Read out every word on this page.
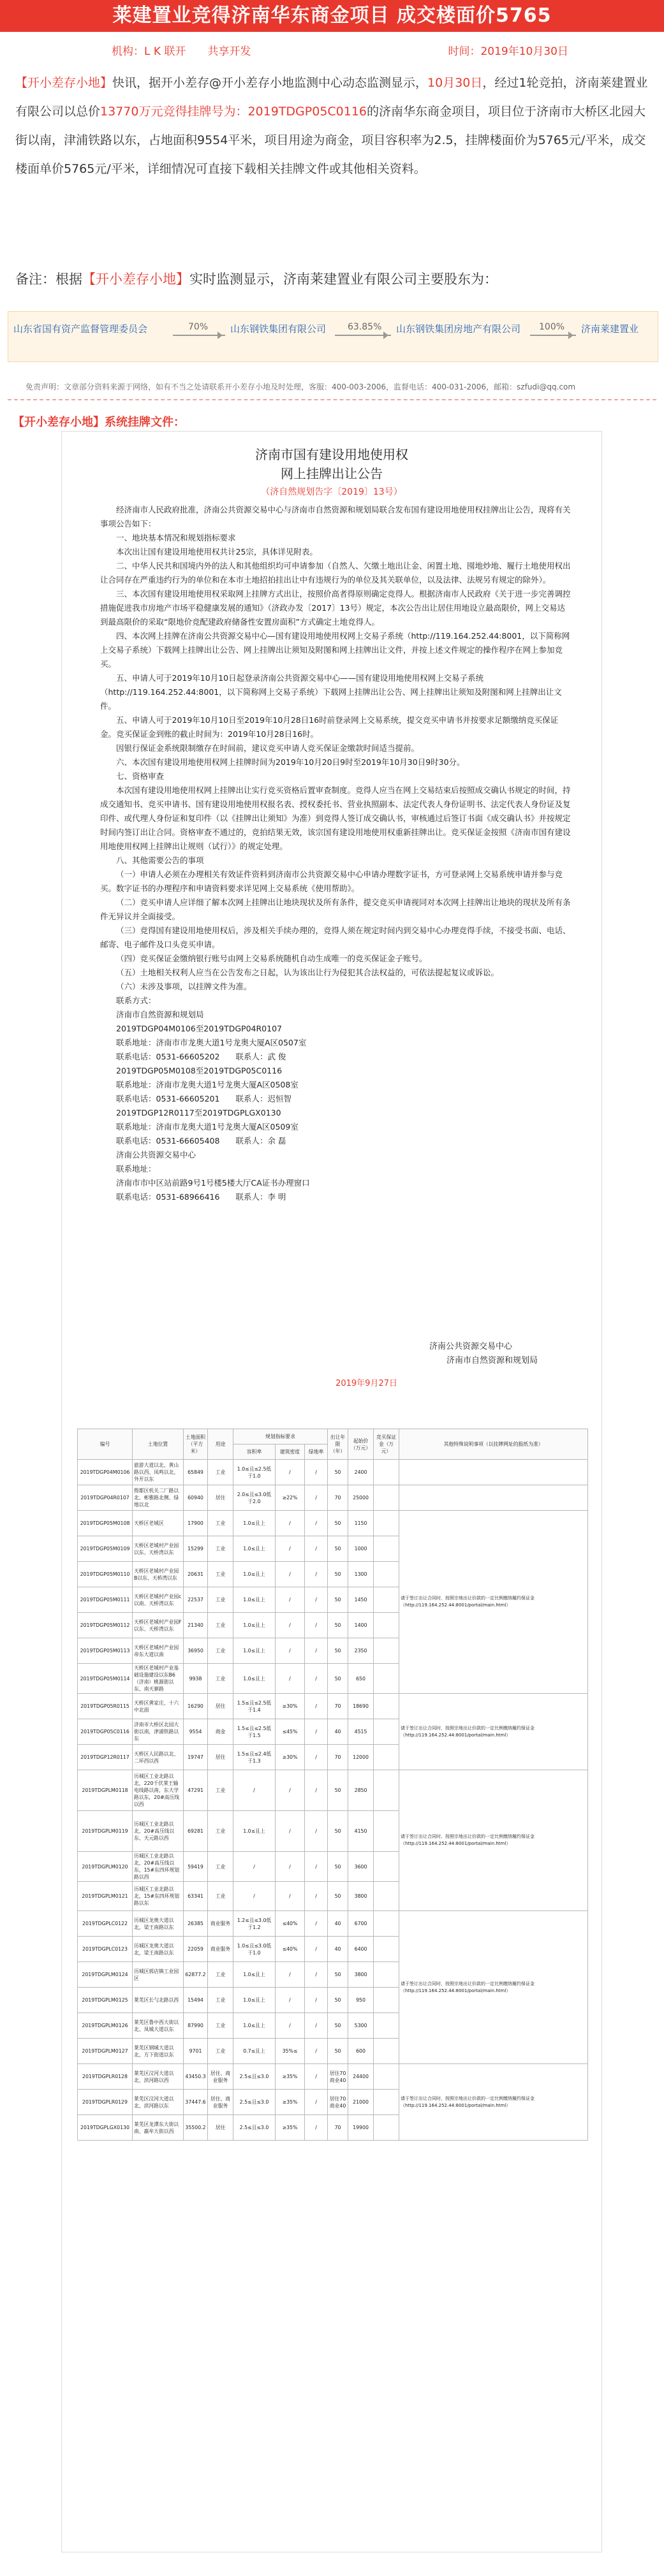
莱建置业竞得济南华东商金项目 成交楼面价5765
机构：L K 联开　　共享开发	时间：2019年10月30日
【开小差存小地】快讯，据开小差存@开小差存小地监测中心动态监测显示，10月30日，经过1轮竞拍，济南莱建置业有限公司以总价13770万元竞得挂牌号为：2019TDGP05C0116的济南华东商金项目，项目位于济南市大桥区北园大街以南，津浦铁路以东，占地面积9554平米，项目用途为商金，项目容积率为2.5，挂牌楼面价为5765元/平米，成交楼面单价5765元/平米，详细情况可直接下载相关挂牌文件或其他相关资料。
备注：根据【开小差存小地】实时监测显示，济南莱建置业有限公司主要股东为：
山东省国有资产监督管理委员会	70% 山东钢铁集团有限公司 63.85% 山东钢铁集团房地产有限公司 100% 济南莱建置业
免责声明：文章部分资料来源于网络，如有不当之处请联系开小差存小地及时处理，客服：400-003-2006，监督电话：400-031-2006，邮箱：szfudi@qq.com
【开小差存小地】系统挂牌文件：
济南市国有建设用地使用权
网上挂牌出让公告
（济自然规划告字〔2019〕13号）

经济南市人民政府批准，济南公共资源交易中心与济南市自然资源和规划局联合发布国有建设用地使用权挂牌出让公告，现将有关事项公告如下：

一、地块基本情况和规划指标要求

本次出让国有建设用地使用权共计25宗，具体详见附表。

二、中华人民共和国境内外的法人和其他组织均可申请参加（自然人、欠缴土地出让金、闲置土地、囤地炒地、履行土地使用权出让合同存在严重违约行为的单位和在本市土地招拍挂出让中有违规行为的单位及其关联单位，以及法律、法规另有规定的除外）。

三、本次国有建设用地使用权采取网上挂牌方式出让，按照价高者得原则确定竞得人。根据济南市人民政府《关于进一步完善调控措施促进我市房地产市场平稳健康发展的通知》（济政办发〔2017〕13号）规定，本次公告出让居住用地设立最高限价，网上交易达到最高限价的采取“限地价竞配建政府储备性安置房面积”方式确定土地竞得人。

四、本次网上挂牌在济南公共资源交易中心—国有建设用地使用权网上交易子系统（http://119.164.252.44:8001，以下简称网上交易子系统）下载网上挂牌出让公告、网上挂牌出让须知及附图和网上挂牌出让文件，并按上述文件规定的操作程序在网上参加竞买。

五、申请人可于2019年10月10日起登录济南公共资源交易中心——国有建设用地使用权网上交易子系统（http://119.164.252.44:8001，以下简称网上交易子系统）下载网上挂牌出让公告、网上挂牌出让须知及附图和网上挂牌出让文件。

五、申请人可于2019年10月10日至2019年10月28日16时前登录网上交易系统，提交竞买申请书并按要求足额缴纳竞买保证金。竞买保证金到账的截止时间为：2019年10月28日16时。

因银行保证金系统限制缴存在时间前，建议竞买申请人竞买保证金缴款时间适当提前。

六、本次国有建设用地使用权网上挂牌时间为2019年10月20日9时至2019年10月30日9时30分。

七、资格审查

本次国有建设用地使用权网上挂牌出让实行竞买资格后置审查制度。竞得人应当在网上交易结束后按照成交确认书规定的时间，持成交通知书、竞买申请书、国有建设用地使用权报名表、授权委托书、营业执照副本、法定代表人身份证明书、法定代表人身份证及复印件、或代理人身份证和复印件（以《挂牌出让须知》为准）到竞得人签订成交确认书，审核通过后签订书面《成交确认书》并按规定时间内签订出让合同。资格审查不通过的，竞拍结果无效，该宗国有建设用地使用权重新挂牌出让。竞买保证金按照《济南市国有建设用地使用权网上挂牌出让规则（试行）》的规定处理。

八、其他需要公告的事项

（一）申请人必须在办理相关有效证件资料到济南市公共资源交易中心申请办理数字证书，方可登录网上交易系统申请并参与竞买。数字证书的办理程序和申请资料要求详见网上交易系统《使用帮助》。

（二）竞买申请人应详细了解本次网上挂牌出让地块现状及所有条件，提交竞买申请视同对本次网上挂牌出让地块的现状及所有条件无异议并全面接受。

（三）竞得国有建设用地使用权后，涉及相关手续办理的，竞得人须在规定时间内到交易中心办理竞得手续，不接受书面、电话、邮寄、电子邮件及口头竞买申请。

（四）竞买保证金缴纳银行账号由网上交易系统随机自动生成唯一的竞买保证金子账号。

（五）土地相关权利人应当在公告发布之日起，认为该出让行为侵犯其合法权益的，可依法提起复议或诉讼。

（六）未涉及事项，以挂牌文件为准。

联系方式：

济南市自然资源和规划局

2019TDGP04M0106至2019TDGP04R0107

联系地址：济南市市龙奥大道1号龙奥大厦A区0507室

联系电话：0531-66605202　　联系人：武 俊

2019TDGP05M0108至2019TDGP05C0116

联系地址：济南市龙奥大道1号龙奥大厦A区0508室

联系电话：0531-66605201　　联系人：迟恒智

2019TDGP12R0117至2019TDGPLGX0130

联系地址：济南市龙奥大道1号龙奥大厦A区0509室

联系电话：0531-66605408　　联系人：余 磊

济南公共资源交易中心

联系地址：

济南市市中区站前路9号1号楼5楼大厅CA证书办理窗口

联系电话：0531-68966416　　联系人：李 明

济南公共资源交易中心
济南市自然资源和规划局
2019年9月27日
编号	土地位置	土地面积（平方米）	用途	规划指标要求			出让年限（年）	起始价（万元）	竞买保证金（万元）	其他特殊说明事项（以挂牌网址的报纸为准）
				容积率	建筑密度	绿地率				
2019TDGP04M0106	旅游大道以北、黄山路以西、凤鸣以北、外开以东	65849	工业	1.0≤且≤2.5低于1.0	/	/	50	2400		
2019TDGP04R0107	殷都区机关二厂路以北、彬雅路北侧、绿地以北	60940	居住	2.0≤且≤3.0低于2.0	≥22%	/	70	25000		
2019TDGP05M0108	天桥区老城区	17900	工业	1.0≤且上	/	/	50	1150		请于签订出让合同时，按照宗地出让价款的一定比例缴纳履约保证金（http://119.164.252.44:8001/portal/main.html）
2019TDGP05M0109	天桥区老城村产业园以东、天桥湾以东	15299	工业	1.0≤且上	/	/	50	1000		
2019TDGP05M0110	天桥区老城村产业园B以东、天桥湾以东	20631	工业	1.0≤且上	/	/	50	1300		
2019TDGP05M0111	天桥区老城村产业园c以南、天桥湾以东	22537	工业	1.0≤且上	/	/	50	1450		
2019TDGP05M0112	天桥区老城村产业园F以东、天桥湾以东	21340	工业	1.0≤且上	/	/	50	1400		
2019TDGP05M0113	天桥区老城村产业园帝东大道以南	36950	工业	1.0≤且上	/	/	50	2350		
2019TDGP05M0114	天桥区老城村产业基础设施建设以东B6（济南）桃源街以东、南天寨路	9938	工业	1.0≤且上	/	/	50	650		
2019TDGP05R0115	天桥区黄家庄，十六中北面	16290	居住	1.5≤且≤2.5低于1.4	≥30%	/	70	18690		请于签订出让合同时，按照宗地出让价款的一定比例缴纳履约保证金（http://119.164.252.44:8001/portal/main.html）
2019TDGP05C0116	济南市大桥区北园大街以南，津浦铁路以东	9554	商金	1.5≤且≤2.5低于1.5	≤45%	/	40	4515		
2019TDGP12R0117	天桥区人民路以北、二环西以西	19747	居住	1.5≤且≤2.4低于1.3	≥30%	/	70	12000		
2019TDGPLM0118	历城区工业北路以北，220千伏莱王输电线路以南，东大学路以东，20#高压线以西	47291	工业	/	/	/	50	2850		请于签订出让合同时，按照宗地出让价款的一定比例缴纳履约保证金（http://119.164.252.44:8001/portal/main.html）
2019TDGPLM0119	历城区工业北路以北、20#高压线以东、天元路以西	69281	工业	1.0≤且上	/	/	50	4150		
2019TDGPLM0120	历城区工业北路以北，20#高压线以东，15#东四环规划路以西	59419	工业	/	/	/	50	3600		
2019TDGPLM0121	历城区工业北路以北，15#东四环规划路以东	63341	工业	/	/	/	50	3800		
2019TDGPLC0122	历城区龙奥大道以北，梁王南路以东	26385	商业服务	1.2≤且≤3.0低于1.2	≤40%	/	40	6700		请于签订出让合同时，按照宗地出让价款的一定比例缴纳履约保证金（http://119.164.252.44:8001/portal/main.html）
2019TDGPLC0123	历城区龙奥大道以北，梁王南路以东	22059	商业服务	1.0≤且≤3.0低于1.0	≤40%	/	40	6400		
2019TDGPLM0124	历城区郭店镇工业园区	62877.2	工业	1.0≤且上	/	/	50	3800		
2019TDGPLM0125	莱芜区长勺北路以西	15494	工业	1.0≤且上	/	/	50	950		
2019TDGPLM0126	莱芜区鲁中西大街以北、凤城大道以东	87990	工业	1.0≤且上	/	/	50	5300		
2019TDGPLM0127	莱芜区钢城大道以北、方下街道以东	9701	工业	0.7≤且上	35%≤	/	50	600		
2019TDGPLR0128	莱芜区汶河大道以北、滨河路以西	43450.3	居住、商业服务	2.5≤且≤3.0	≥35%	/	居住70 商业40	24400		请于签订出让合同时，按照宗地出让价款的一定比例缴纳履约保证金（http://119.164.252.44:8001/portal/main.html）
2019TDGPLR0129	莱芜区汶河大道以北、滨河路以东	37447.6	居住、商业服务	2.5≤且≤3.0	≥35%	/	居住70 商业40	21000		
2019TDGPLGX0130	莱芜区龙潭东大街以南、嬴牟大街以西	35500.2	居住	2.5≤且≤3.0	≥35%	/	70	19900		
